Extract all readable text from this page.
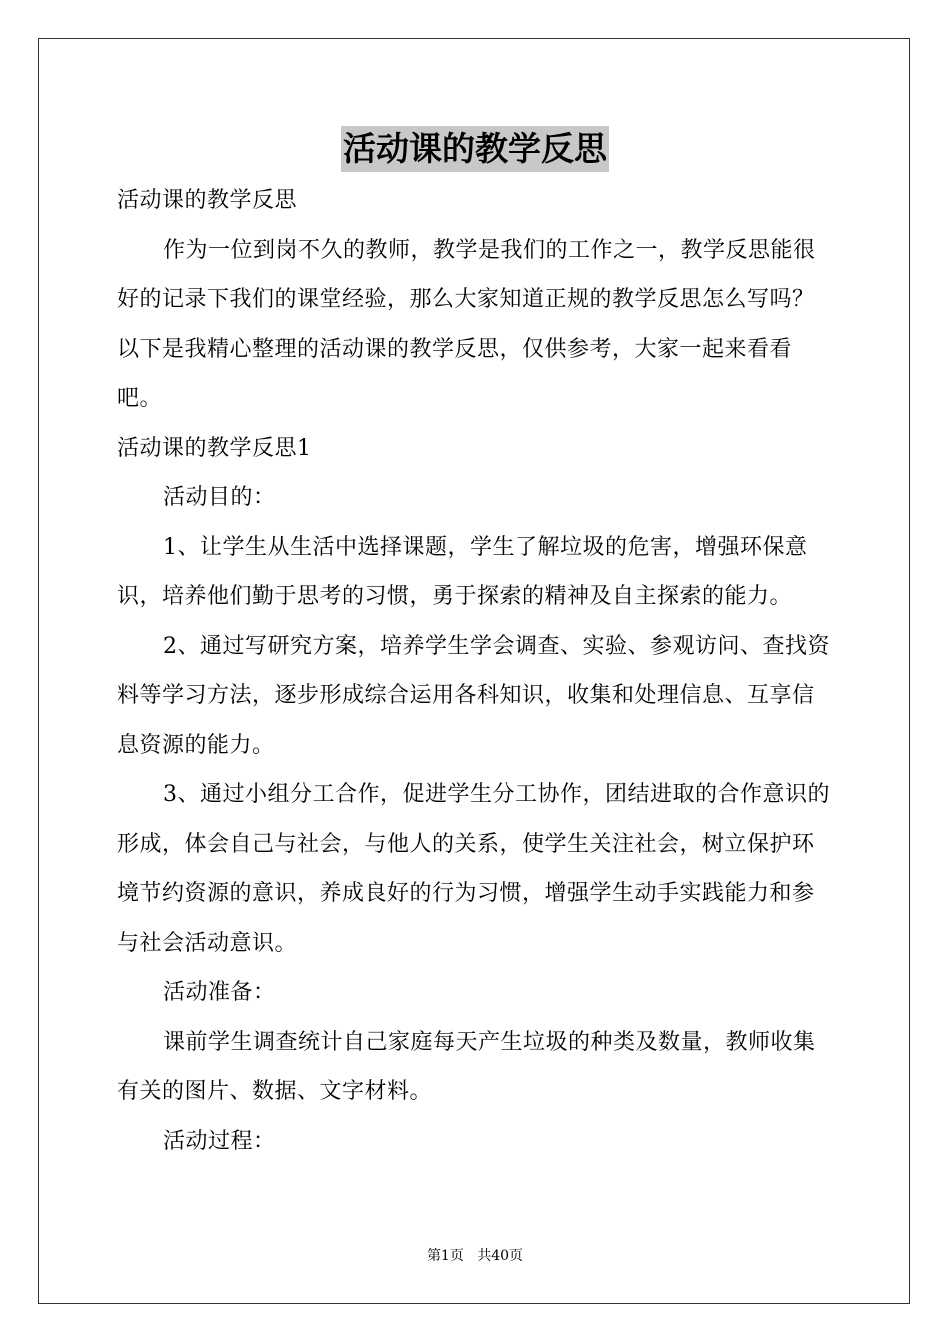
活动课的教学反思

活动课的教学反思

作为一位到岗不久的教师，教学是我们的工作之一，教学反思能很好的记录下我们的课堂经验，那么大家知道正规的教学反思怎么写吗？以下是我精心整理的活动课的教学反思，仅供参考，大家一起来看看吧。

活动课的教学反思1

活动目的：

1、让学生从生活中选择课题，学生了解垃圾的危害，增强环保意识，培养他们勤于思考的习惯，勇于探索的精神及自主探索的能力。

2、通过写研究方案，培养学生学会调查、实验、参观访问、查找资料等学习方法，逐步形成综合运用各科知识，收集和处理信息、互享信息资源的能力。

3、通过小组分工合作，促进学生分工协作，团结进取的合作意识的形成，体会自己与社会，与他人的关系，使学生关注社会，树立保护环境节约资源的意识，养成良好的行为习惯，增强学生动手实践能力和参与社会活动意识。

活动准备：

课前学生调查统计自己家庭每天产生垃圾的种类及数量，教师收集有关的图片、数据、文字材料。

活动过程：

第1页 共40页
